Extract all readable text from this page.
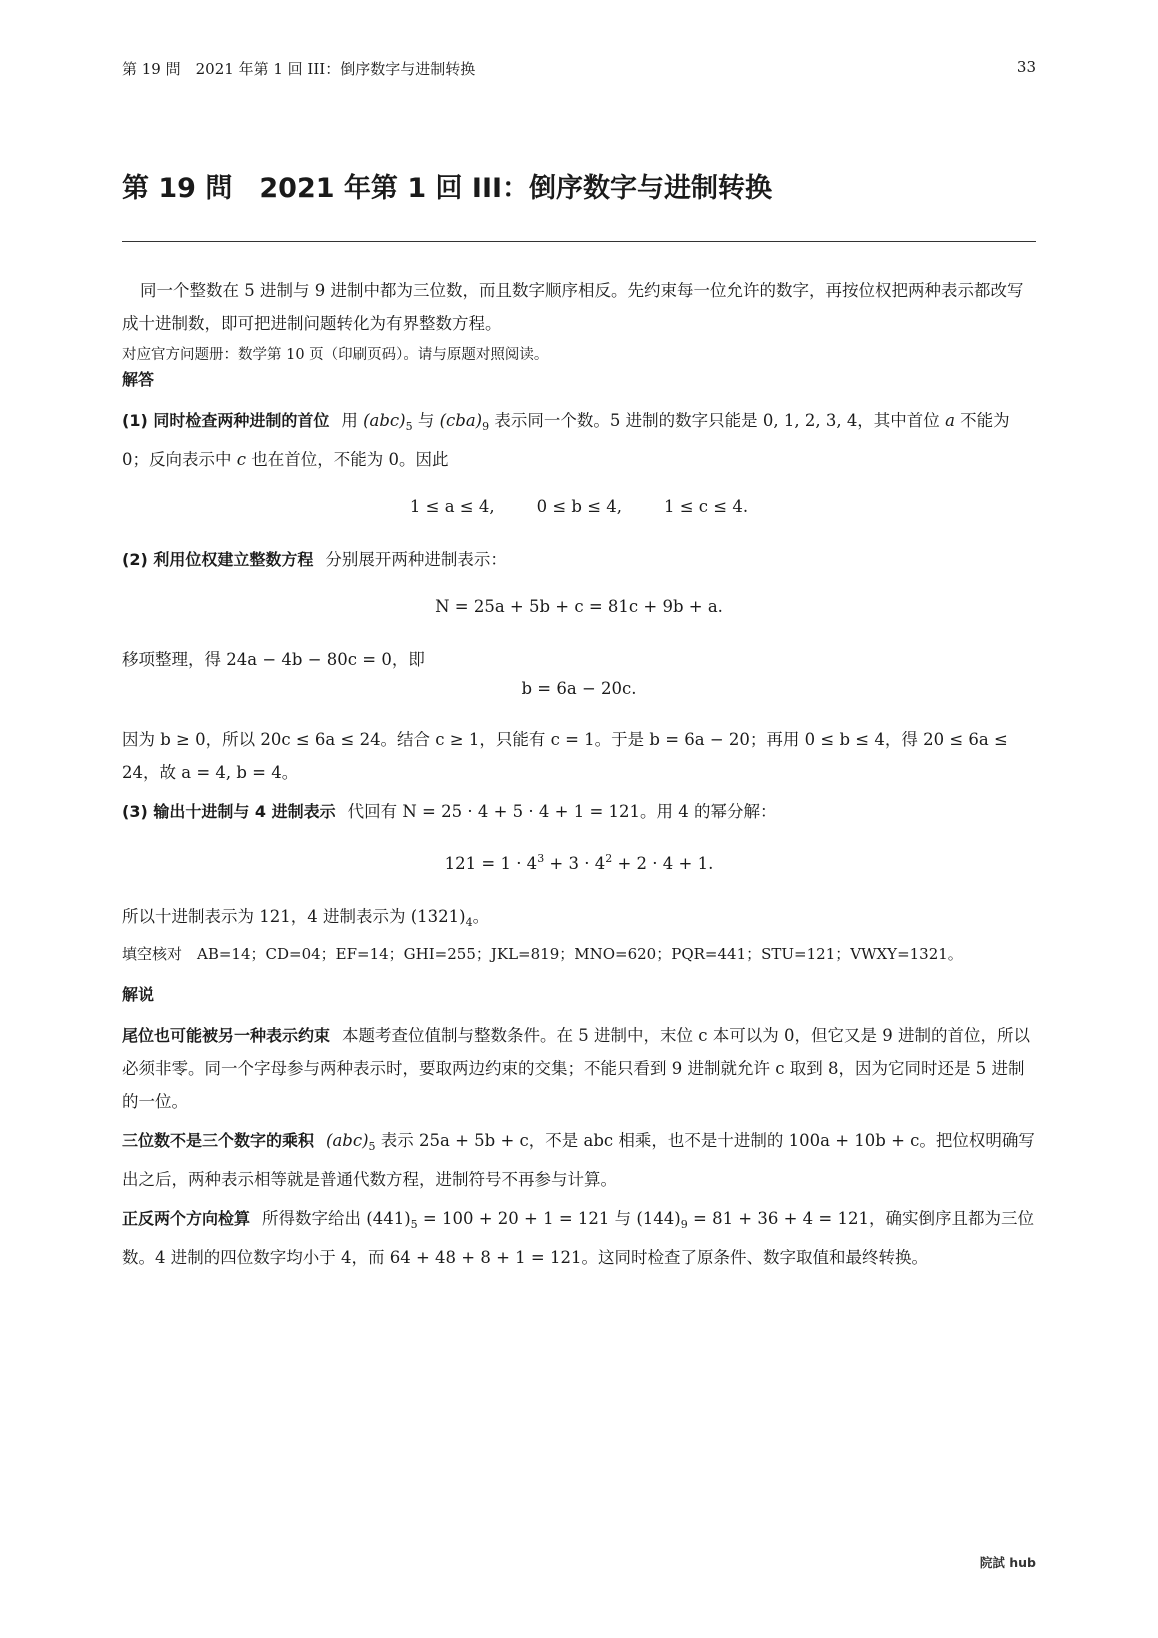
第 19 問　2021 年第 1 回 III：倒序数字与进制转换	33
第 19 問　2021 年第 1 回 III：倒序数字与进制转换

同一个整数在 5 进制与 9 进制中都为三位数，而且数字顺序相反。先约束每一位允许的数字，再按位权把两种表示都改写成十进制数，即可把进制问题转化为有界整数方程。

对应官方问题册：数学第 10 页（印刷页码）。请与原题对照阅读。

解答

(1) 同时检查两种进制的首位 用 $(abc)_5$ 与 $(cba)_9$ 表示同一个数。5 进制的数字只能是 0, 1, 2, 3, 4，其中首位 a 不能为 0；反向表示中 c 也在首位，不能为 0。因此

1 ≤ a ≤ 4,        0 ≤ b ≤ 4,        1 ≤ c ≤ 4.

(2) 利用位权建立整数方程 分别展开两种进制表示：

N = 25a + 5b + c = 81c + 9b + a.

移项整理，得 24a − 4b − 80c = 0，即

b = 6a − 20c.

因为 b ≥ 0，所以 20c ≤ 6a ≤ 24。结合 c ≥ 1，只能有 c = 1。于是 b = 6a − 20；再用 0 ≤ b ≤ 4，得 20 ≤ 6a ≤ 24，故 a = 4, b = 4。

(3) 输出十进制与 4 进制表示 代回有 N = 25 · 4 + 5 · 4 + 1 = 121。用 4 的幂分解：

$121 = 1 \cdot 4^3 + 3 \cdot 4^2 + 2 \cdot 4 + 1$.

所以十进制表示为 121，4 进制表示为 $(1321)_4$。

填空核对　AB=14；CD=04；EF=14；GHI=255；JKL=819；MNO=620；PQR=441；STU=121；VWXY=1321。

解说

尾位也可能被另一种表示约束 本题考查位值制与整数条件。在 5 进制中，末位 c 本可以为 0，但它又是 9 进制的首位，所以必须非零。同一个字母参与两种表示时，要取两边约束的交集；不能只看到 9 进制就允许 c 取到 8，因为它同时还是 5 进制的一位。

三位数不是三个数字的乘积 $(abc)_5$ 表示 25a + 5b + c，不是 abc 相乘，也不是十进制的 100a + 10b + c。把位权明确写出之后，两种表示相等就是普通代数方程，进制符号不再参与计算。

正反两个方向检算 所得数字给出 $(441)_5 = 100 + 20 + 1 = 121$ 与 $(144)_9 = 81 + 36 + 4 = 121$，确实倒序且都为三位数。4 进制的四位数字均小于 4，而 64 + 48 + 8 + 1 = 121。这同时检查了原条件、数字取值和最终转换。

院試 hub
